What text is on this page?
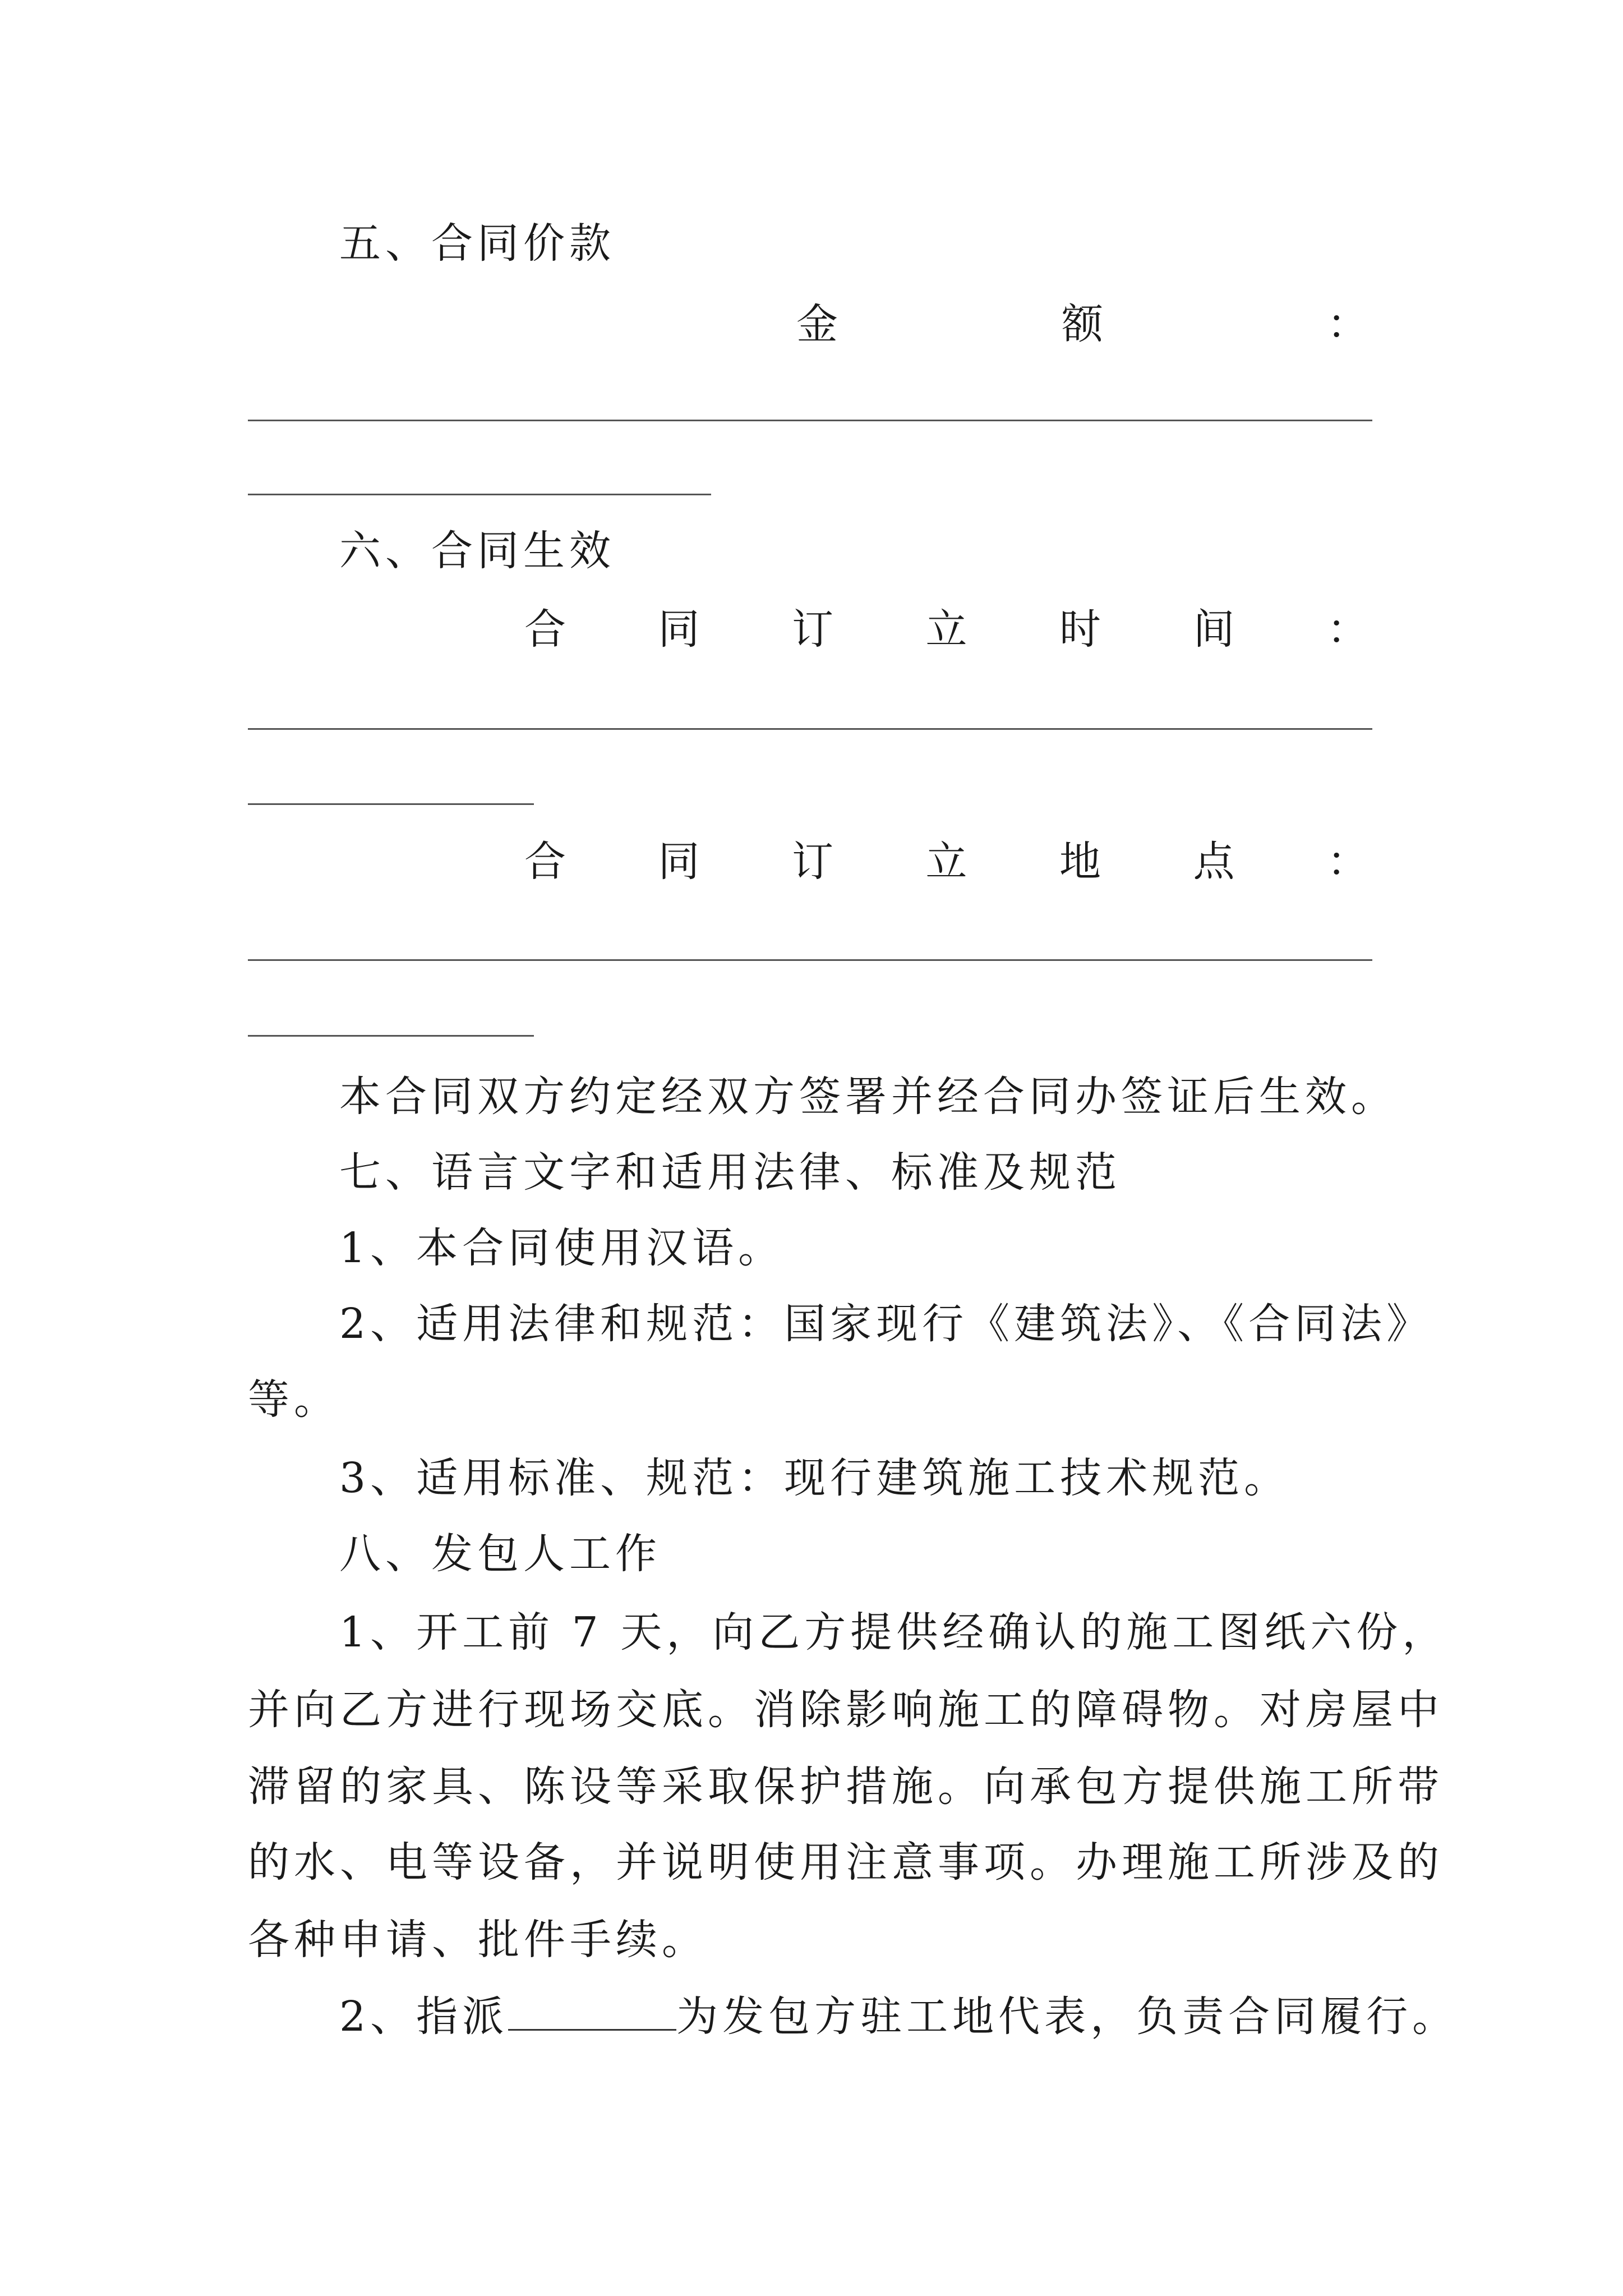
五、合同价款
金	额	：
六、合同生效
合 同 订 立 时 间 ：
合 同 订 立 地 点 ：
本合同双方约定经双方签署并经合同办签证后生效。
七、语言文字和适用法律、标准及规范
1、本合同使用汉语。
2、适用法律和规范：国家现行《建筑法》、《合同法》
等。
3、适用标准、规范：现行建筑施工技术规范。
八、发包人工作
1、开工前 7 天，向乙方提供经确认的施工图纸六份，
并向乙方进行现场交底。消除影响施工的障碍物。对房屋中
滞留的家具、陈设等采取保护措施。向承包方提供施工所带
的水、电等设备，并说明使用注意事项。办理施工所涉及的
各种申请、批件手续。
2、指派	为发包方驻工地代表，负责合同履行。
